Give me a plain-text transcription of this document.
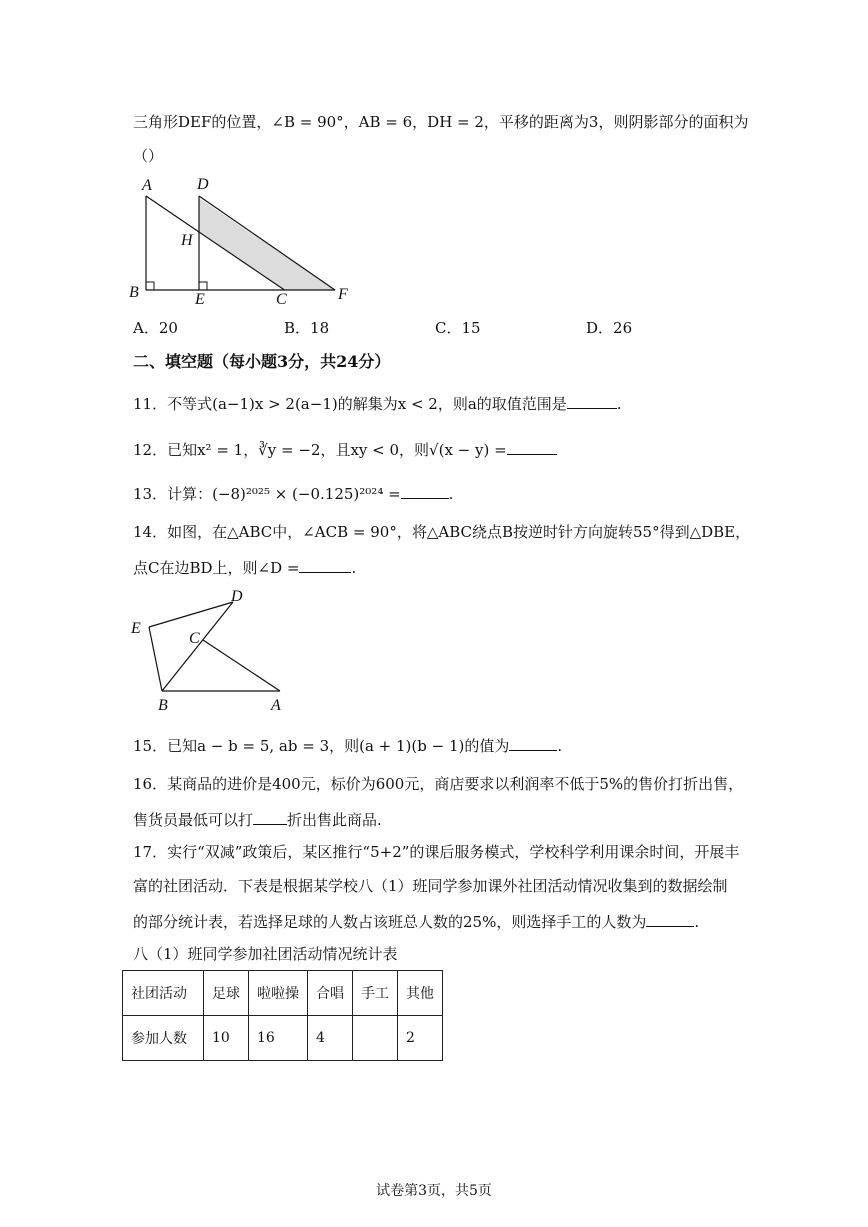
三角形DEF的位置，∠B = 90°，AB = 6，DH = 2，平移的距离为3，则阴影部分的面积为
（）
A	D
H
B	E	C	F
A．20	B．18	C．15	D．26
二、填空题（每小题3分，共24分）
11．不等式(a−1)x > 2(a−1)的解集为x < 2，则a的取值范围是	.
12．已知x² = 1，∛y = −2，且xy < 0，则√(x − y) =
13．计算：(−8)²⁰²⁵ × (−0.125)²⁰²⁴ =	.
14．如图，在△ABC中，∠ACB = 90°，将△ABC绕点B按逆时针方向旋转55°得到△DBE，
点C在边BD上，则∠D =	.
E
D
C
B	A
15．已知a − b = 5, ab = 3，则(a + 1)(b − 1)的值为	.
16．某商品的进价是400元，标价为600元，商店要求以利润率不低于5%的售价打折出售，
售货员最低可以打 折出售此商品.
17．实行“双减”政策后，某区推行“5+2”的课后服务模式，学校科学利用课余时间，开展丰
富的社团活动．下表是根据某学校八（1）班同学参加课外社团活动情况收集到的数据绘制
的部分统计表，若选择足球的人数占该班总人数的25%，则选择手工的人数为	.
八（1）班同学参加社团活动情况统计表
社团活动	足球	啦啦操	合唱	手工	其他
参加人数	10	16	4		2
试卷第3页，共5页
